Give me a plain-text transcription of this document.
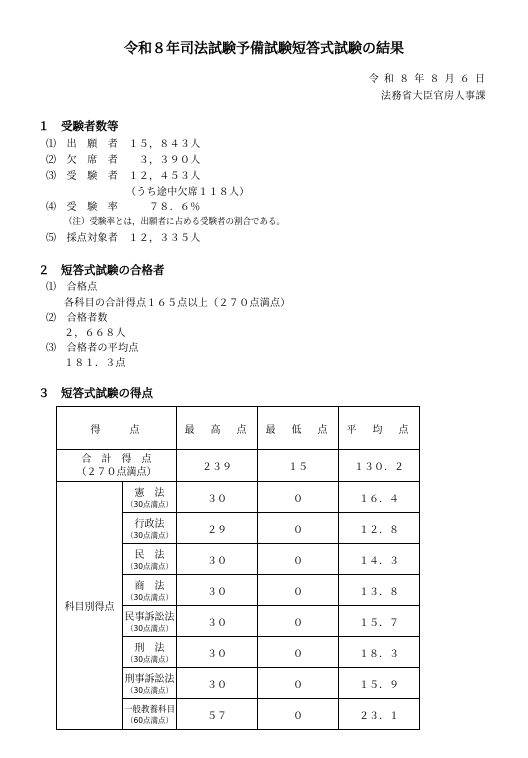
令和８年司法試験予備試験短答式試験の結果
令 和 ８ 年 ８ 月 ６ 日
法務省大臣官房人事課
１　受験者数等
⑴　出　願　者　１５，８４３人
⑵　欠　席　者　　３，３９０人
⑶　受　験　者　１２，４５３人
（うち途中欠席１１８人）
⑷　受　験　率　　　７８．６％
（注）受験率とは，出願者に占める受験者の割合である。
⑸　採点対象者　１２，３３５人
２　短答式試験の合格者
⑴　合格点
各科目の合計得点１６５点以上（２７０点満点）
⑵　合格者数
２，６６８人
⑶　合格者の平均点
１８１．３点
３　短答式試験の得点
得　　点		最　高　点	最　低　点	平　均　点

合　計　得　点
（２７０点満点）		２３９	１５	１３０．２
科目別得点	憲　法
（30点満点）	３０	０	１６．４

	行政法
（30点満点）	２９	０	１２．８

	民　法
（30点満点）	３０	０	１４．３

	商　法
（30点満点）	３０	０	１３．８

	民事訴訟法
（30点満点）	３０	０	１５．７

	刑　法
（30点満点）	３０	０	１８．３

	刑事訴訟法
（30点満点）	３０	０	１５．９

	一般教養科目
（60点満点）	５７	０	２３．１
